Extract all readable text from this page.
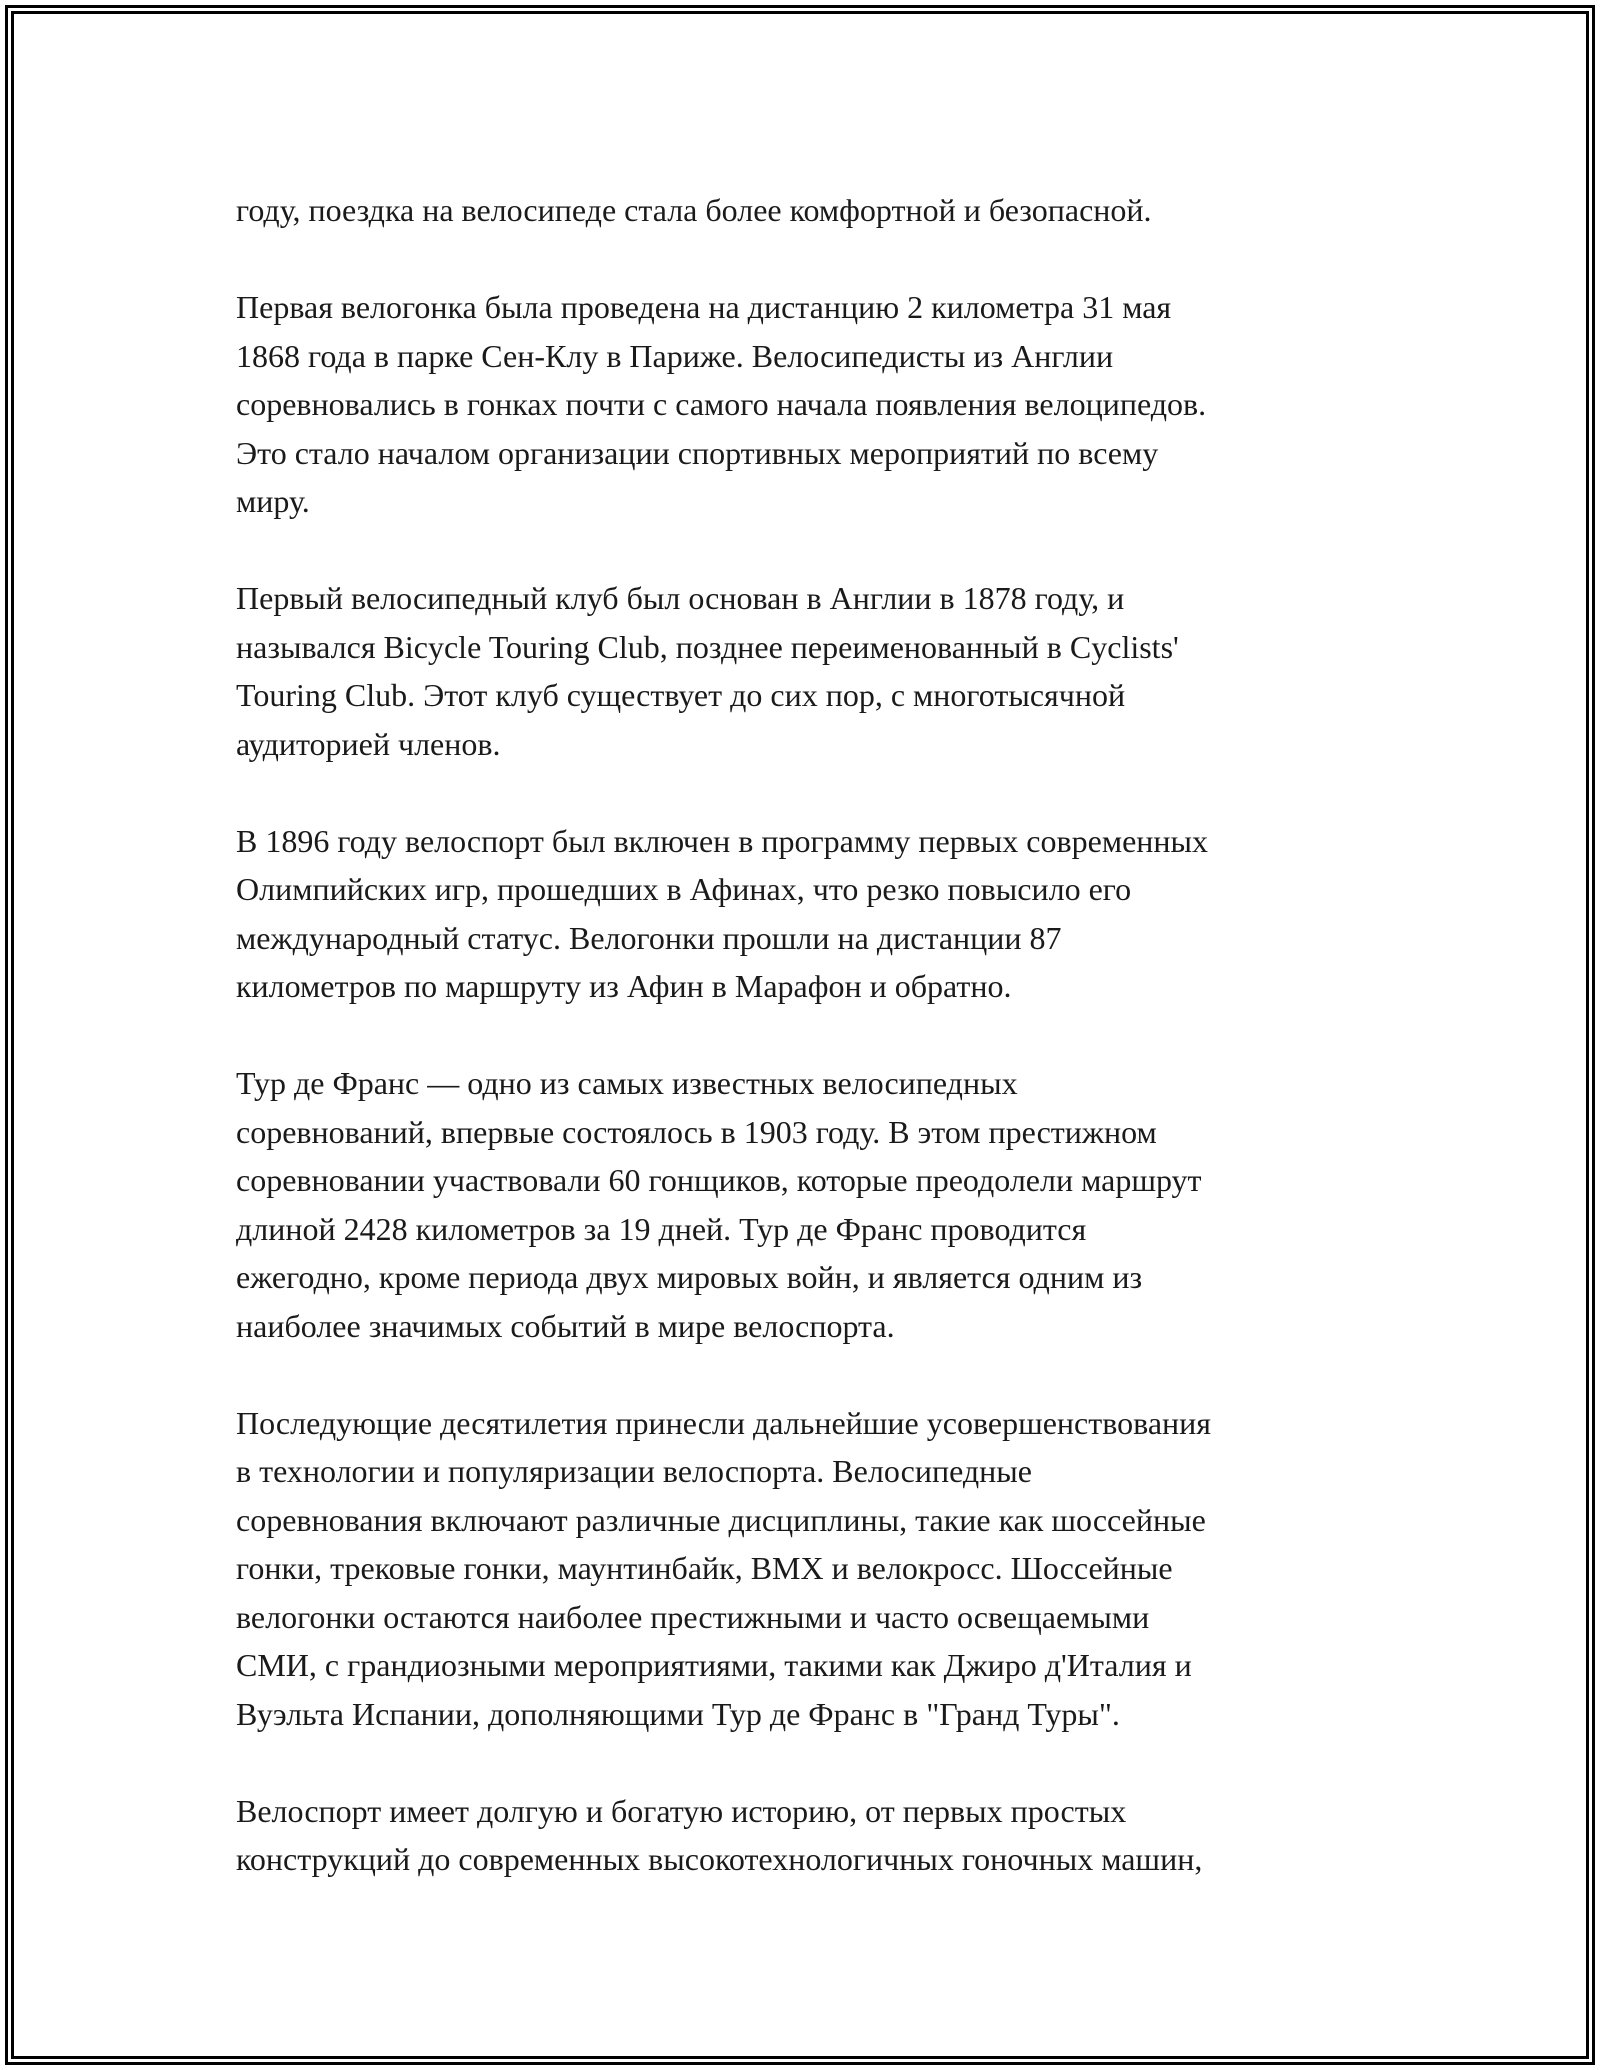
году, поездка на велосипеде стала более комфортной и безопасной.

Первая велогонка была проведена на дистанцию 2 километра 31 мая
1868 года в парке Сен-Клу в Париже. Велосипедисты из Англии
соревновались в гонках почти с самого начала появления велоципедов.
Это стало началом организации спортивных мероприятий по всему
миру.

Первый велосипедный клуб был основан в Англии в 1878 году, и
назывался Bicycle Touring Club, позднее переименованный в Cyclists'
Touring Club. Этот клуб существует до сих пор, с многотысячной
аудиторией членов.

В 1896 году велоспорт был включен в программу первых современных
Олимпийских игр, прошедших в Афинах, что резко повысило его
международный статус. Велогонки прошли на дистанции 87
километров по маршруту из Афин в Марафон и обратно.

Тур де Франс — одно из самых известных велосипедных
соревнований, впервые состоялось в 1903 году. В этом престижном
соревновании участвовали 60 гонщиков, которые преодолели маршрут
длиной 2428 километров за 19 дней. Тур де Франс проводится
ежегодно, кроме периода двух мировых войн, и является одним из
наиболее значимых событий в мире велоспорта.

Последующие десятилетия принесли дальнейшие усовершенствования
в технологии и популяризации велоспорта. Велосипедные
соревнования включают различные дисциплины, такие как шоссейные
гонки, трековые гонки, маунтинбайк, BMX и велокросс. Шоссейные
велогонки остаются наиболее престижными и часто освещаемыми
СМИ, с грандиозными мероприятиями, такими как Джиро д'Италия и
Вуэльта Испании, дополняющими Тур де Франс в "Гранд Туры".

Велоспорт имеет долгую и богатую историю, от первых простых
конструкций до современных высокотехнологичных гоночных машин,
